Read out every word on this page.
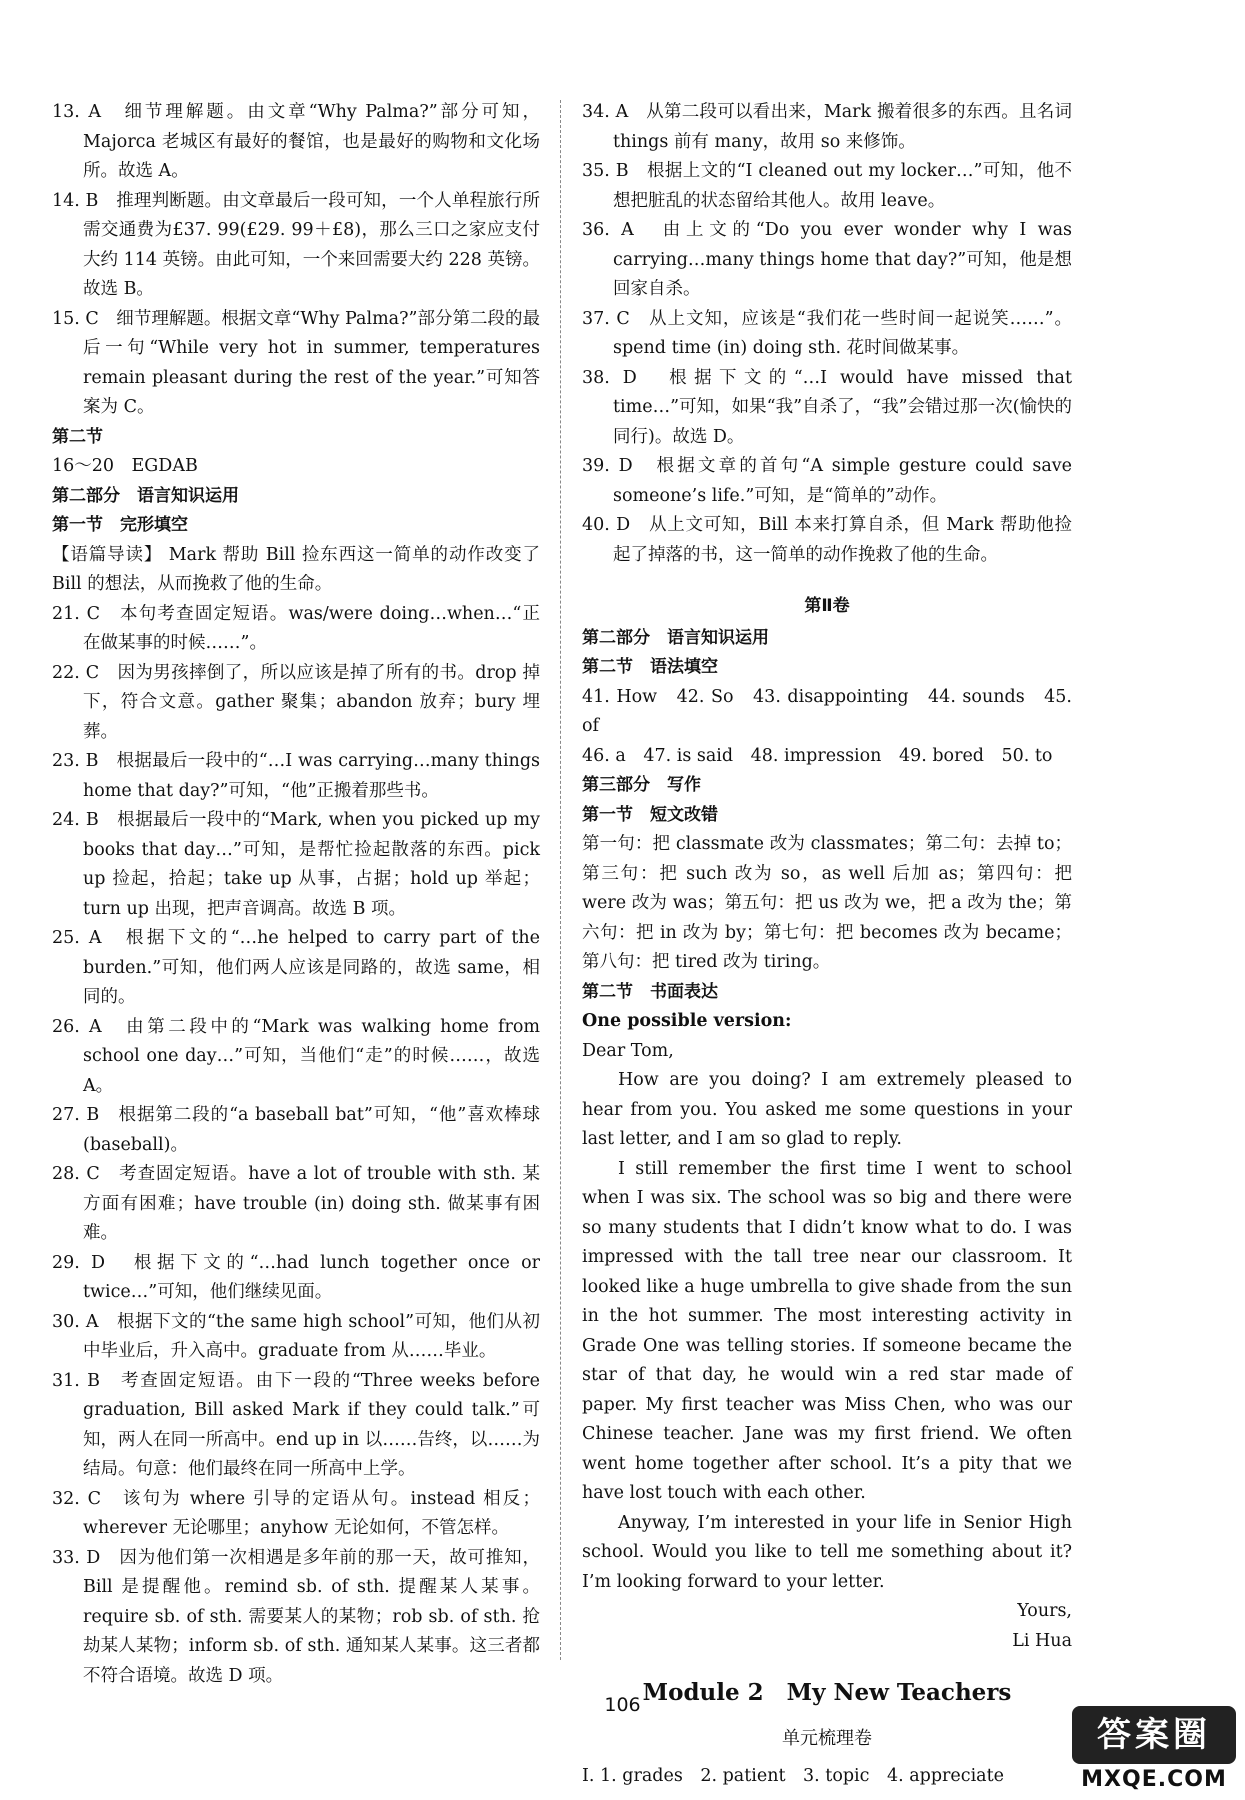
13. A　细节理解题。由文章“Why Palma?”部分可知，Majorca 老城区有最好的餐馆，也是最好的购物和文化场所。故选 A。

14. B　推理判断题。由文章最后一段可知，一个人单程旅行所需交通费为£37. 99(£29. 99＋£8)，那么三口之家应支付大约 114 英镑。由此可知，一个来回需要大约 228 英镑。故选 B。

15. C　细节理解题。根据文章“Why Palma?”部分第二段的最后一句“While very hot in summer, temperatures remain pleasant during the rest of the year.”可知答案为 C。

第二节

16～20　EGDAB

第二部分　语言知识运用

第一节　完形填空

【语篇导读】 Mark 帮助 Bill 捡东西这一简单的动作改变了 Bill 的想法，从而挽救了他的生命。

21. C　本句考查固定短语。was/were doing…when…“正在做某事的时候……”。

22. C　因为男孩摔倒了，所以应该是掉了所有的书。drop 掉下，符合文意。gather 聚集；abandon 放弃；bury 埋葬。

23. B　根据最后一段中的“…I was carrying…many things home that day?”可知，“他”正搬着那些书。

24. B　根据最后一段中的“Mark, when you picked up my books that day…”可知，是帮忙捡起散落的东西。pick up 捡起，拾起；take up 从事，占据；hold up 举起；turn up 出现，把声音调高。故选 B 项。

25. A　根据下文的“…he helped to carry part of the burden.”可知，他们两人应该是同路的，故选 same，相同的。

26. A　由第二段中的“Mark was walking home from school one day…”可知，当他们“走”的时候……，故选 A。

27. B　根据第二段的“a baseball bat”可知，“他”喜欢棒球(baseball)。

28. C　考查固定短语。have a lot of trouble with sth. 某方面有困难；have trouble (in) doing sth. 做某事有困难。

29. D　根据下文的“…had lunch together once or twice…”可知，他们继续见面。

30. A　根据下文的“the same high school”可知，他们从初中毕业后，升入高中。graduate from 从……毕业。

31. B　考查固定短语。由下一段的“Three weeks before graduation, Bill asked Mark if they could talk.”可知，两人在同一所高中。end up in 以……告终，以……为结局。句意：他们最终在同一所高中上学。

32. C　该句为 where 引导的定语从句。instead 相反；wherever 无论哪里；anyhow 无论如何，不管怎样。

33. D　因为他们第一次相遇是多年前的那一天，故可推知，Bill 是提醒他。remind sb. of sth. 提醒某人某事。require sb. of sth. 需要某人的某物；rob sb. of sth. 抢劫某人某物；inform sb. of sth. 通知某人某事。这三者都不符合语境。故选 D 项。

34. A　从第二段可以看出来，Mark 搬着很多的东西。且名词 things 前有 many，故用 so 来修饰。

35. B　根据上文的“I cleaned out my locker…”可知，他不想把脏乱的状态留给其他人。故用 leave。

36. A　由上文的“Do you ever wonder why I was carrying…many things home that day?”可知，他是想回家自杀。

37. C　从上文知，应该是“我们花一些时间一起说笑……”。spend time (in) doing sth. 花时间做某事。

38. D　根据下文的“…I would have missed that time…”可知，如果“我”自杀了，“我”会错过那一次(愉快的同行)。故选 D。

39. D　根据文章的首句“A simple gesture could save someone’s life.”可知，是“简单的”动作。

40. D　从上文可知，Bill 本来打算自杀，但 Mark 帮助他捡起了掉落的书，这一简单的动作挽救了他的生命。

第Ⅱ卷

第二部分　语言知识运用

第二节　语法填空

41. How　42. So　43. disappointing　44. sounds　45. of

46. a　47. is said　48. impression　49. bored　50. to

第三部分　写作

第一节　短文改错

第一句：把 classmate 改为 classmates；第二句：去掉 to；第三句：把 such 改为 so，as well 后加 as；第四句：把 were 改为 was；第五句：把 us 改为 we，把 a 改为 the；第六句：把 in 改为 by；第七句：把 becomes 改为 became；第八句：把 tired 改为 tiring。

第二节　书面表达

One possible version:

Dear Tom,

How are you doing? I am extremely pleased to hear from you. You asked me some questions in your last letter, and I am so glad to reply.

I still remember the first time I went to school when I was six. The school was so big and there were so many students that I didn’t know what to do. I was impressed with the tall tree near our classroom. It looked like a huge umbrella to give shade from the sun in the hot summer. The most interesting activity in Grade One was telling stories. If someone became the star of that day, he would win a red star made of paper. My first teacher was Miss Chen, who was our Chinese teacher. Jane was my first friend. We often went home together after school. It’s a pity that we have lost touch with each other.

Anyway, I’m interested in your life in Senior High school. Would you like to tell me something about it? I’m looking forward to your letter.

Yours,

Li Hua

Module 2　My New Teachers

单元梳理卷

Ⅰ. 1. grades　2. patient　3. topic　4. appreciate

106
答案圈
MXQE.COM
